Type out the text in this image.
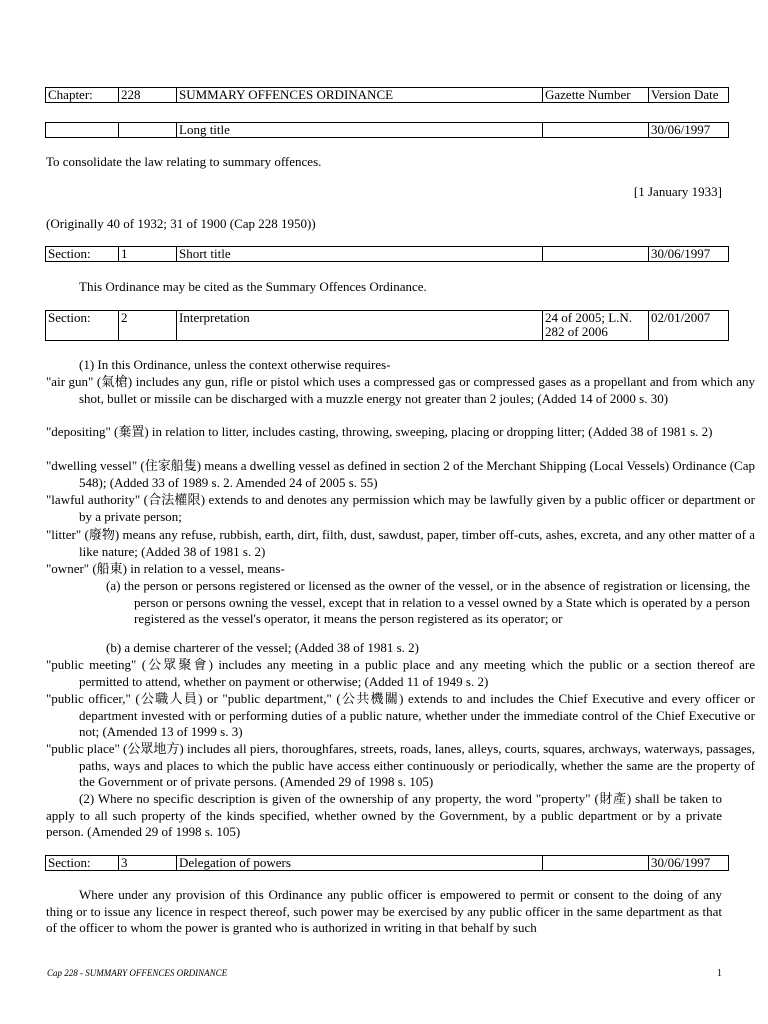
Chapter:	228	SUMMARY OFFENCES ORDINANCE	Gazette Number	Version Date
		Long title		30/06/1997

To consolidate the law relating to summary offences.

[1 January 1933]

(Originally 40 of 1932; 31 of 1900 (Cap 228 1950))

Section:	1	Short title		30/06/1997

This Ordinance may be cited as the Summary Offences Ordinance.

Section:	2	Interpretation	24 of 2005; L.N. 282 of 2006	02/01/2007

(1) In this Ordinance, unless the context otherwise requires-

"air gun" (氣槍) includes any gun, rifle or pistol which uses a compressed gas or compressed gases as a propellant and from which any shot, bullet or missile can be discharged with a muzzle energy not greater than 2 joules; (Added 14 of 2000 s. 30)

"depositing" (棄置) in relation to litter, includes casting, throwing, sweeping, placing or dropping litter; (Added 38 of 1981 s. 2)

"dwelling vessel" (住家船隻) means a dwelling vessel as defined in section 2 of the Merchant Shipping (Local Vessels) Ordinance (Cap 548); (Added 33 of 1989 s. 2. Amended 24 of 2005 s. 55)

"lawful authority" (合法權限) extends to and denotes any permission which may be lawfully given by a public officer or department or by a private person;

"litter" (廢物) means any refuse, rubbish, earth, dirt, filth, dust, sawdust, paper, timber off-cuts, ashes, excreta, and any other matter of a like nature; (Added 38 of 1981 s. 2)

"owner" (船東) in relation to a vessel, means-

(a) the person or persons registered or licensed as the owner of the vessel, or in the absence of registration or licensing, the person or persons owning the vessel, except that in relation to a vessel owned by a State which is operated by a person registered as the vessel's operator, it means the person registered as its operator; or

(b) a demise charterer of the vessel; (Added 38 of 1981 s. 2)

"public meeting" (公眾聚會) includes any meeting in a public place and any meeting which the public or a section thereof are permitted to attend, whether on payment or otherwise; (Added 11 of 1949 s. 2)

"public officer," (公職人員) or "public department," (公共機關) extends to and includes the Chief Executive and every officer or department invested with or performing duties of a public nature, whether under the immediate control of the Chief Executive or not; (Amended 13 of 1999 s. 3)

"public place" (公眾地方) includes all piers, thoroughfares, streets, roads, lanes, alleys, courts, squares, archways, waterways, passages, paths, ways and places to which the public have access either continuously or periodically, whether the same are the property of the Government or of private persons. (Amended 29 of 1998 s. 105)

(2) Where no specific description is given of the ownership of any property, the word "property" (財產) shall be taken to apply to all such property of the kinds specified, whether owned by the Government, by a public department or by a private person. (Amended 29 of 1998 s. 105)

Section:	3	Delegation of powers		30/06/1997

Where under any provision of this Ordinance any public officer is empowered to permit or consent to the doing of any thing or to issue any licence in respect thereof, such power may be exercised by any public officer in the same department as that of the officer to whom the power is granted who is authorized in writing in that behalf by such

Cap 228 - SUMMARY OFFENCES ORDINANCE	1
